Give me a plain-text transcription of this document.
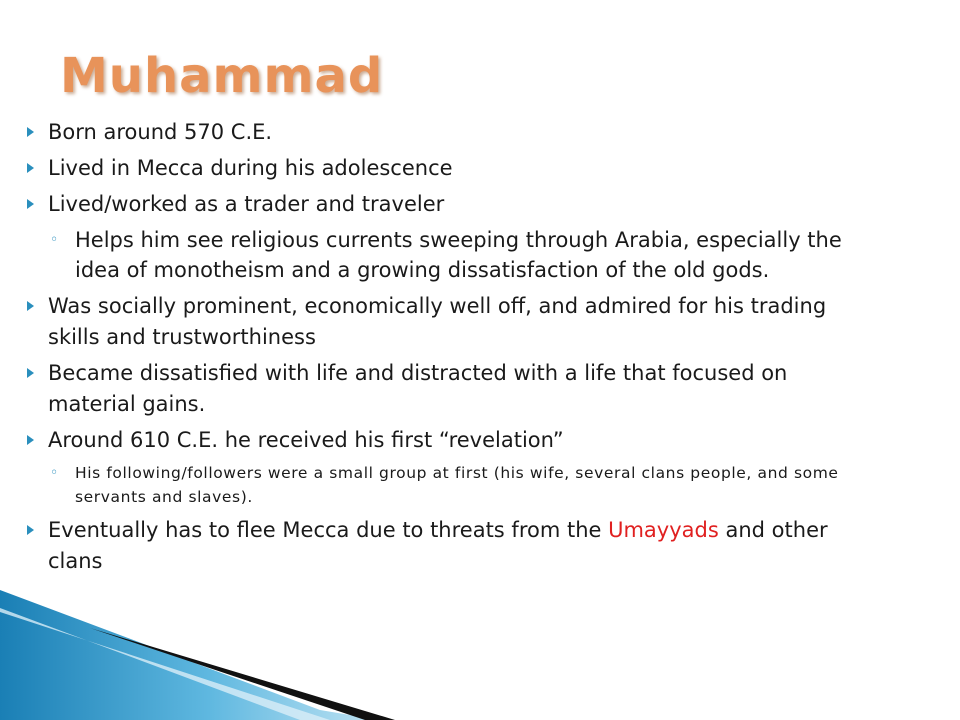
Muhammad
Born around 570 C.E.
Lived in Mecca during his adolescence
Lived/worked as a trader and traveler
◦ Helps him see religious currents sweeping through Arabia, especially the idea of monotheism and a growing dissatisfaction of the old gods.
Was socially prominent, economically well off, and admired for his trading skills and trustworthiness
Became dissatisfied with life and distracted with a life that focused on material gains.
Around 610 C.E. he received his first “revelation”
◦ His following/followers were a small group at first (his wife, several clans people, and some servants and slaves).
Eventually has to flee Mecca due to threats from the Umayyads and other clans
